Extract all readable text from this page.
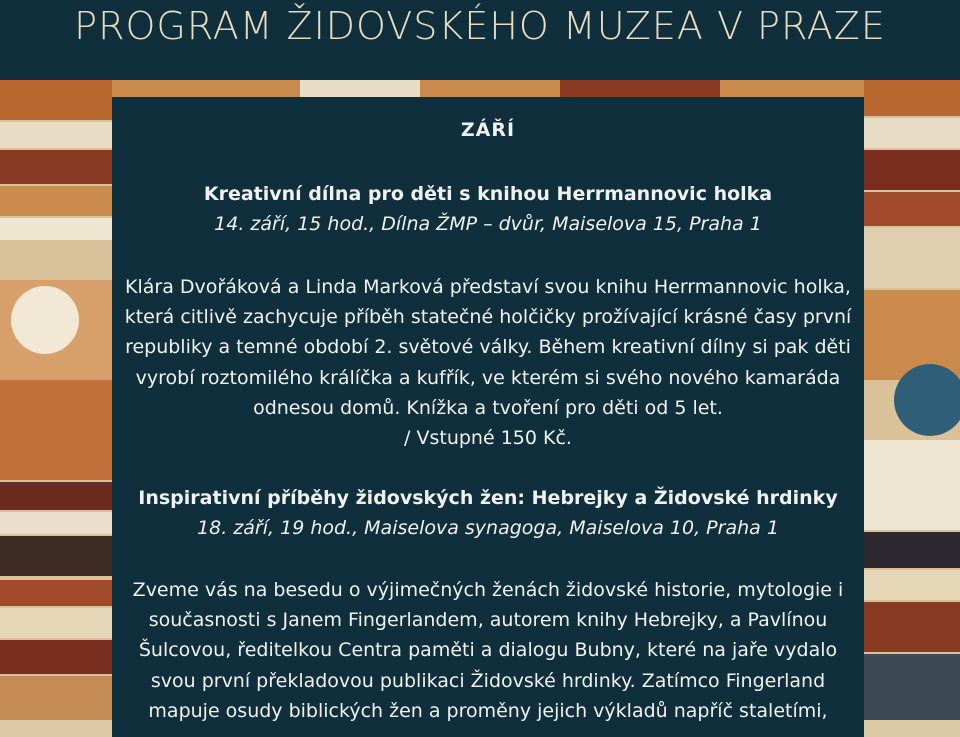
PROGRAM ŽIDOVSKÉHO MUZEA V PRAZE
ZÁŘÍ
Kreativní dílna pro děti s knihou Herrmannovic holka
14. září, 15 hod., Dílna ŽMP – dvůr, Maiselova 15, Praha 1
Klára Dvořáková a Linda Marková představí svou knihu Herrmannovic holka, která citlivě zachycuje příběh statečné holčičky prožívající krásné časy první republiky a temné období 2. světové války. Během kreativní dílny si pak děti vyrobí roztomilého králíčka a kufřík, ve kterém si svého nového kamaráda odnesou domů. Knížka a tvoření pro děti od 5 let.
/ Vstupné 150 Kč.
Inspirativní příběhy židovských žen: Hebrejky a Židovské hrdinky
18. září, 19 hod., Maiselova synagoga, Maiselova 10, Praha 1
Zveme vás na besedu o výjimečných ženách židovské historie, mytologie i současnosti s Janem Fingerlandem, autorem knihy Hebrejky, a Pavlínou Šulcovou, ředitelkou Centra paměti a dialogu Bubny, které na jaře vydalo svou první překladovou publikaci Židovské hrdinky. Zatímco Fingerland mapuje osudy biblických žen a proměny jejich výkladů napříč staletími,
